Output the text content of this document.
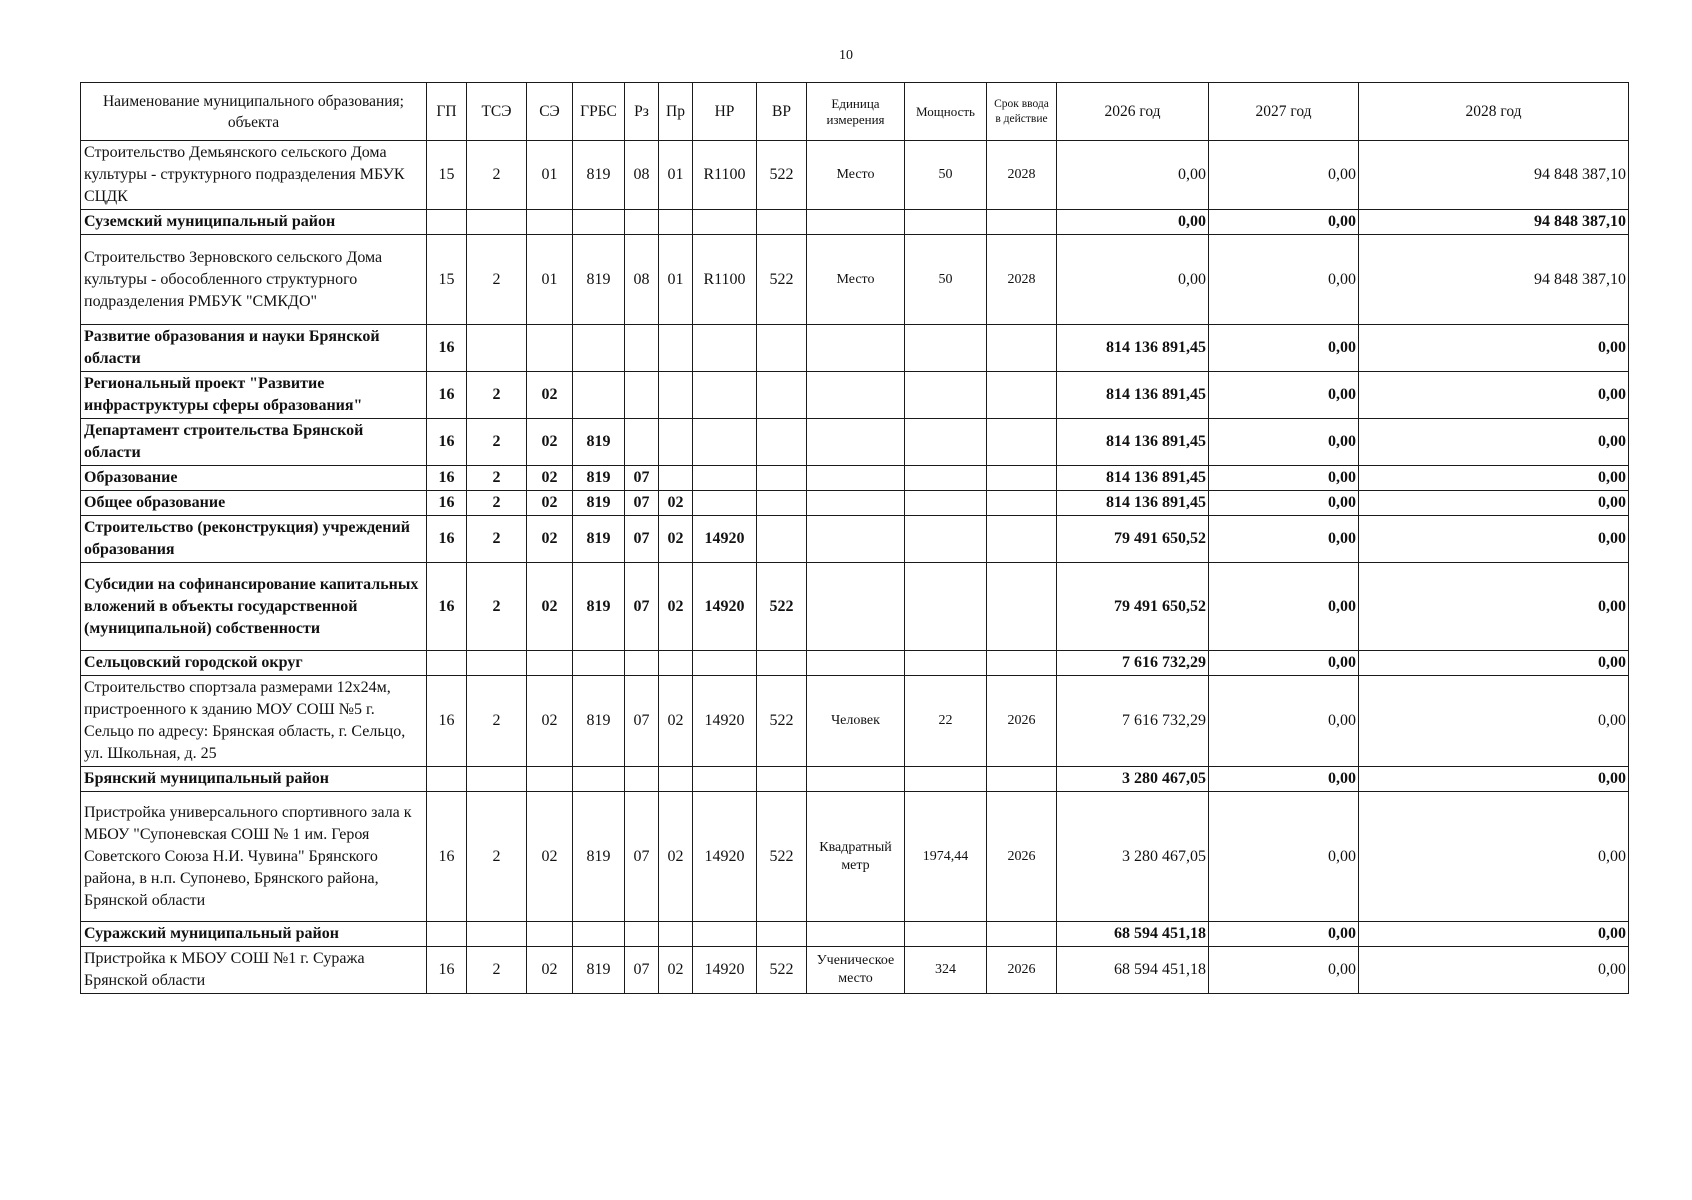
10
Наименование муниципального образования; объекта	ГП	ТСЭ	СЭ	ГРБС	Рз	Пр	НР	ВР	Единица измерения	Мощность	Срок ввода в действие	2026 год	2027 год	2028 год
Строительство Демьянского сельского Дома культуры - структурного подразделения МБУК СЦДК	15	2	01	819	08	01	R1100	522	Место	50	2028	0,00	0,00	94 848 387,10
Суземский муниципальный район												0,00	0,00	94 848 387,10
Строительство Зерновского сельского Дома культуры - обособленного структурного подразделения РМБУК "СМКДО"	15	2	01	819	08	01	R1100	522	Место	50	2028	0,00	0,00	94 848 387,10
Развитие образования и науки Брянской области	16											814 136 891,45	0,00	0,00
Региональный проект "Развитие инфраструктуры сферы образования"	16	2	02									814 136 891,45	0,00	0,00
Департамент строительства Брянской области	16	2	02	819								814 136 891,45	0,00	0,00
Образование	16	2	02	819	07							814 136 891,45	0,00	0,00
Общее образование	16	2	02	819	07	02						814 136 891,45	0,00	0,00
Строительство (реконструкция) учреждений образования	16	2	02	819	07	02	14920					79 491 650,52	0,00	0,00
Субсидии на софинансирование капитальных вложений в объекты государственной (муниципальной) собственности	16	2	02	819	07	02	14920	522				79 491 650,52	0,00	0,00
Сельцовский городской округ												7 616 732,29	0,00	0,00
Строительство спортзала размерами 12х24м, пристроенного к зданию МОУ СОШ №5 г. Сельцо по адресу: Брянская область, г. Сельцо, ул. Школьная, д. 25	16	2	02	819	07	02	14920	522	Человек	22	2026	7 616 732,29	0,00	0,00
Брянский муниципальный район												3 280 467,05	0,00	0,00
Пристройка универсального спортивного зала к МБОУ "Супоневская СОШ № 1 им. Героя Советского Союза Н.И. Чувина" Брянского района, в н.п. Супонево, Брянского района, Брянской области	16	2	02	819	07	02	14920	522	Квадратный метр	1974,44	2026	3 280 467,05	0,00	0,00
Суражский муниципальный район												68 594 451,18	0,00	0,00
Пристройка к МБОУ СОШ №1 г. Суража Брянской области	16	2	02	819	07	02	14920	522	Ученическое место	324	2026	68 594 451,18	0,00	0,00
